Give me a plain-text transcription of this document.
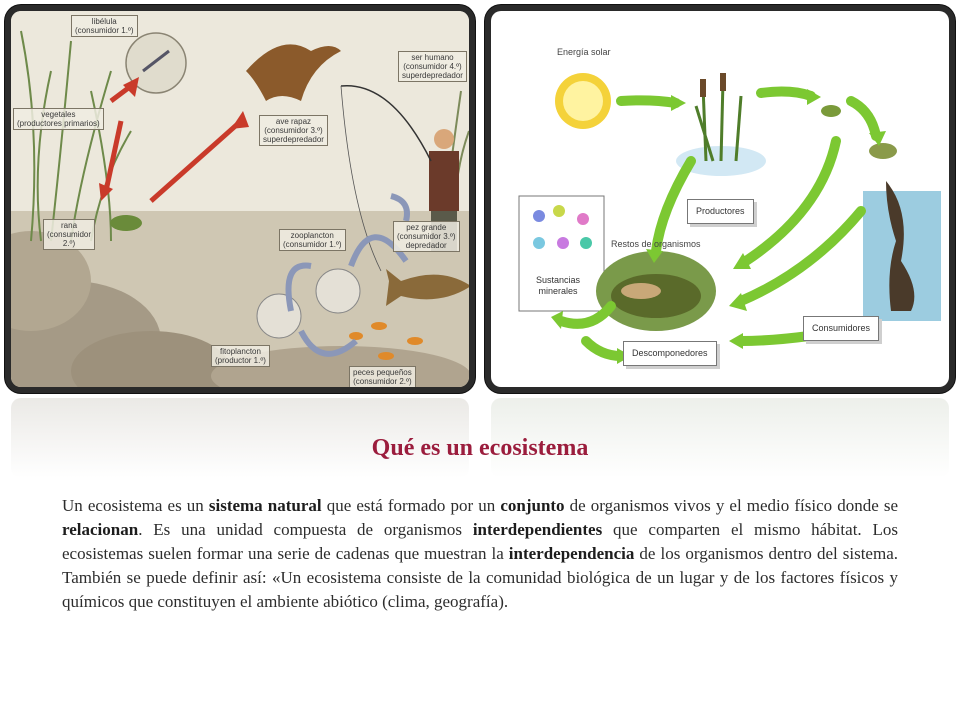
libélula
(consumidor 1.º)
vegetales
(productores primarios)
rana
(consumidor
2.º)
ave rapaz
(consumidor 3.º)
superdepredador
ser humano
(consumidor 4.º)
superdepredador
zooplancton
(consumidor 1.º)
pez grande
(consumidor 3.º)
depredador
fitoplancton
(productor 1.º)
peces pequeños
(consumidor 2.º)
Energía solar
Productores
Sustancias minerales
Restos de organismos
Descomponedores
Consumidores
Qué es un ecosistema
Un ecosistema es un sistema natural que está formado por un conjunto de organismos vivos y el medio físico donde se relacionan. Es una unidad compuesta de organismos interdependientes que comparten el mismo hábitat. Los ecosistemas suelen formar una serie de cadenas que muestran la interdependencia de los organismos dentro del sistema. También se puede definir así: «Un ecosistema consiste de la comunidad biológica de un lugar y de los factores físicos y químicos que constituyen el ambiente abiótico (clima, geografía).
